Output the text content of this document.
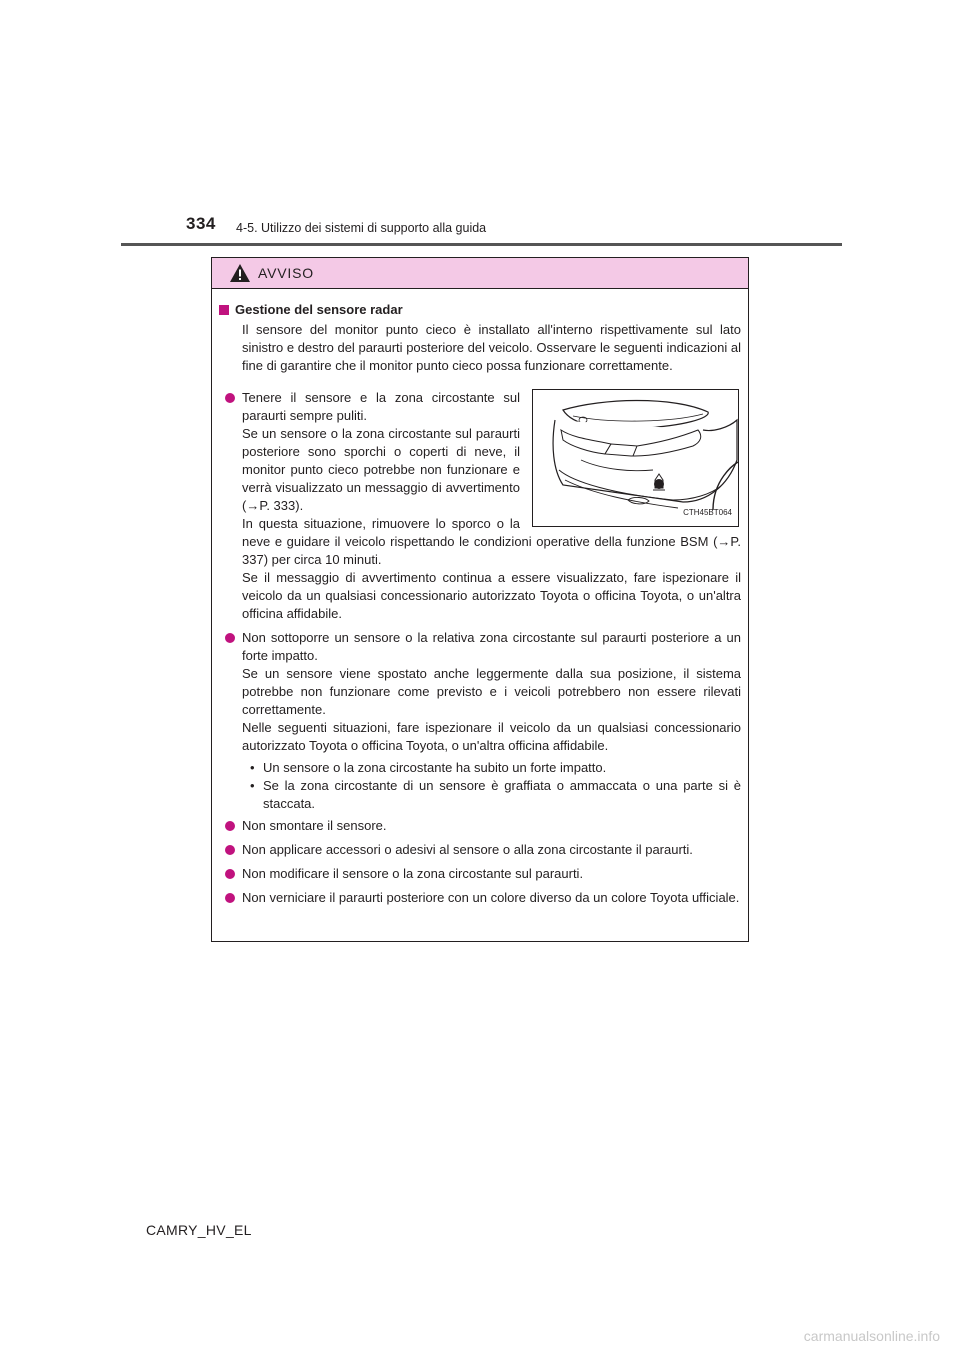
334 4-5. Utilizzo dei sistemi di supporto alla guida
AVVISO
Gestione del sensore radar
Il sensore del monitor punto cieco è installato all'interno rispettivamente sul lato sinistro e destro del paraurti posteriore del veicolo. Osservare le seguenti indicazioni al fine di garantire che il monitor punto cieco possa funzionare correttamente.
CTH45BT064
Tenere il sensore e la zona circostante sul paraurti sempre puliti.
Se un sensore o la zona circostante sul paraurti posteriore sono sporchi o coperti di neve, il monitor punto cieco potrebbe non funzionare e verrà visualizzato un messaggio di avvertimento (→P. 333).
In questa situazione, rimuovere lo sporco o la neve e guidare il veicolo rispettando le condizioni operative della funzione BSM (→P. 337) per circa 10 minuti.
Se il messaggio di avvertimento continua a essere visualizzato, fare ispezionare il veicolo da un qualsiasi concessionario autorizzato Toyota o officina Toyota, o un'altra officina affidabile.
Non sottoporre un sensore o la relativa zona circostante sul paraurti posteriore a un forte impatto.
Se un sensore viene spostato anche leggermente dalla sua posizione, il sistema potrebbe non funzionare come previsto e i veicoli potrebbero non essere rilevati correttamente.
Nelle seguenti situazioni, fare ispezionare il veicolo da un qualsiasi concessionario autorizzato Toyota o officina Toyota, o un'altra officina affidabile.
• Un sensore o la zona circostante ha subito un forte impatto.
• Se la zona circostante di un sensore è graffiata o ammaccata o una parte si è staccata.
Non smontare il sensore.
Non applicare accessori o adesivi al sensore o alla zona circostante il paraurti.
Non modificare il sensore o la zona circostante sul paraurti.
Non verniciare il paraurti posteriore con un colore diverso da un colore Toyota ufficiale.
CAMRY_HV_EL
carmanualsonline.info
